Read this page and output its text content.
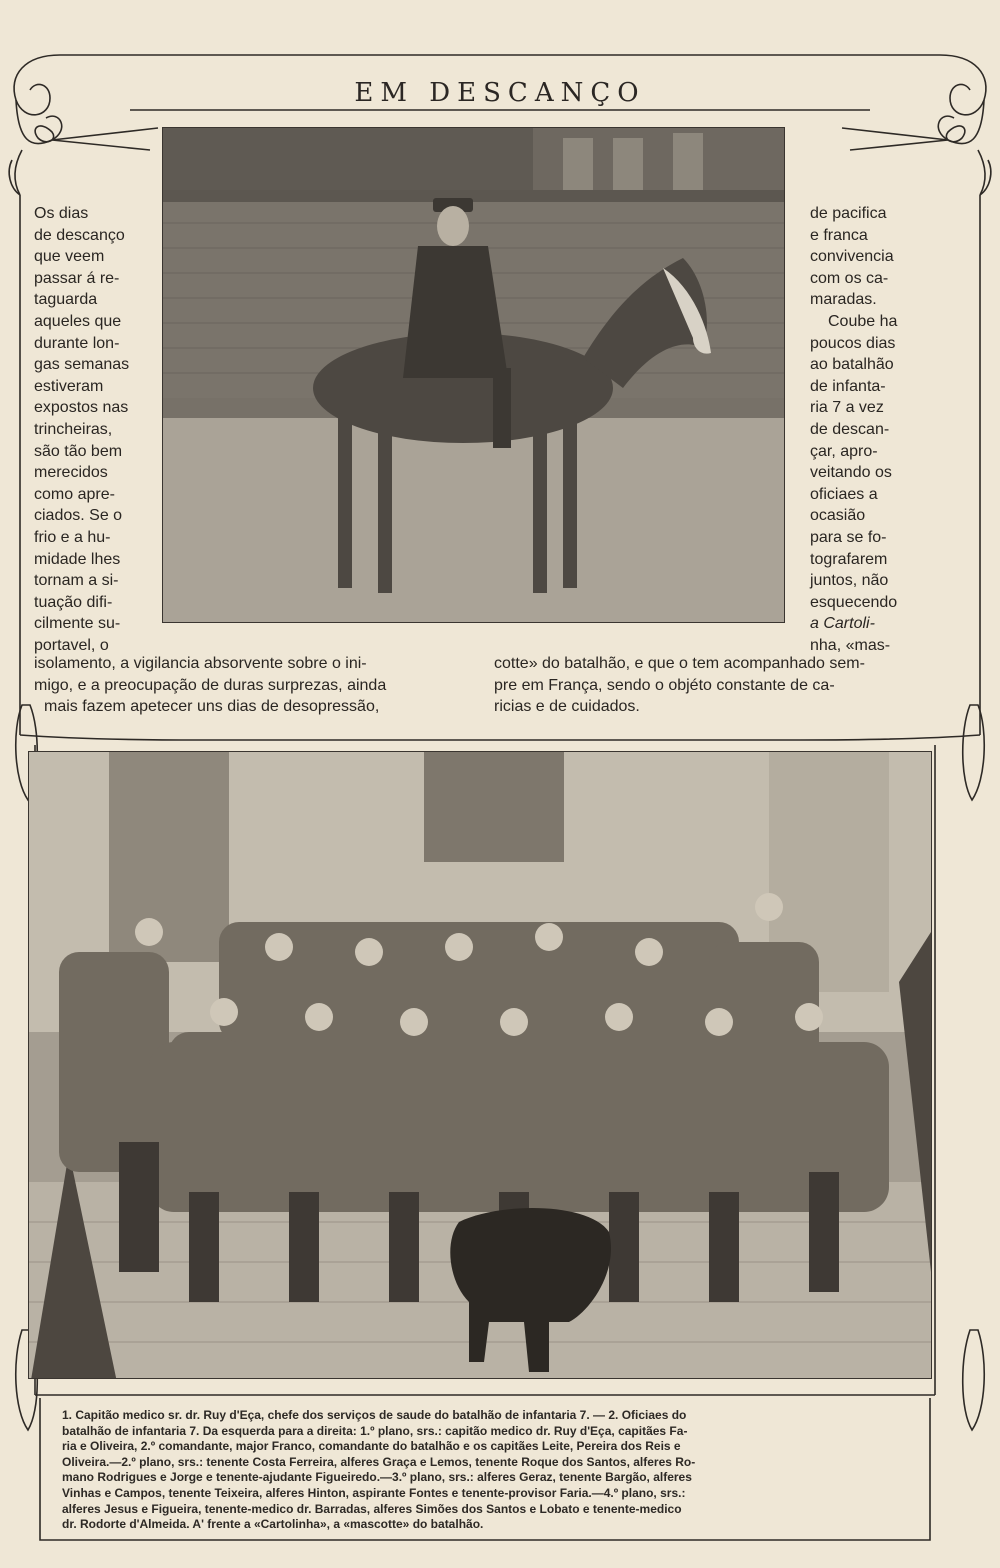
EM DESCANÇO
Os dias
de descanço
que veem
passar á re-
taguarda
aqueles que
durante lon-
gas semanas
estiveram
expostos nas
trincheiras,
são tão bem
merecidos
como apre-
ciados. Se o
frio e a hu-
midade lhes
tornam a si-
tuação difi-
cilmente su-
portavel, o
de pacifica
e franca
convivencia
com os ca-
maradas.
Coube ha
poucos dias
ao batalhão
de infanta-
ria 7 a vez
de descan-
çar, apro-
veitando os
oficiaes a
ocasião
para se fo-
tografarem
juntos, não
esquecendo
a Cartoli-
nha, «mas-
isolamento, a vigilancia absorvente sobre o ini-
migo, e a preocupação de duras surprezas, ainda
mais fazem apetecer uns dias de desopressão,
cotte» do batalhão, e que o tem acompanhado sem-
pre em França, sendo o objéto constante de ca-
ricias e de cuidados.
1. Capitão medico sr. dr. Ruy d'Eça, chefe dos serviços de saude do batalhão de infantaria 7. — 2. Oficiaes do
batalhão de infantaria 7. Da esquerda para a direita: 1.º plano, srs.: capitão medico dr. Ruy d'Eça, capitães Fa-
ria e Oliveira, 2.º comandante, major Franco, comandante do batalhão e os capitães Leite, Pereira dos Reis e
Oliveira.—2.º plano, srs.: tenente Costa Ferreira, alferes Graça e Lemos, tenente Roque dos Santos, alferes Ro-
mano Rodrigues e Jorge e tenente-ajudante Figueiredo.—3.º plano, srs.: alferes Geraz, tenente Bargão, alferes
Vinhas e Campos, tenente Teixeira, alferes Hinton, aspirante Fontes e tenente-provisor Faria.—4.º plano, srs.:
alferes Jesus e Figueira, tenente-medico dr. Barradas, alferes Simões dos Santos e Lobato e tenente-medico
dr. Rodorte d'Almeida. A' frente a «Cartolinha», a «mascotte» do batalhão.
